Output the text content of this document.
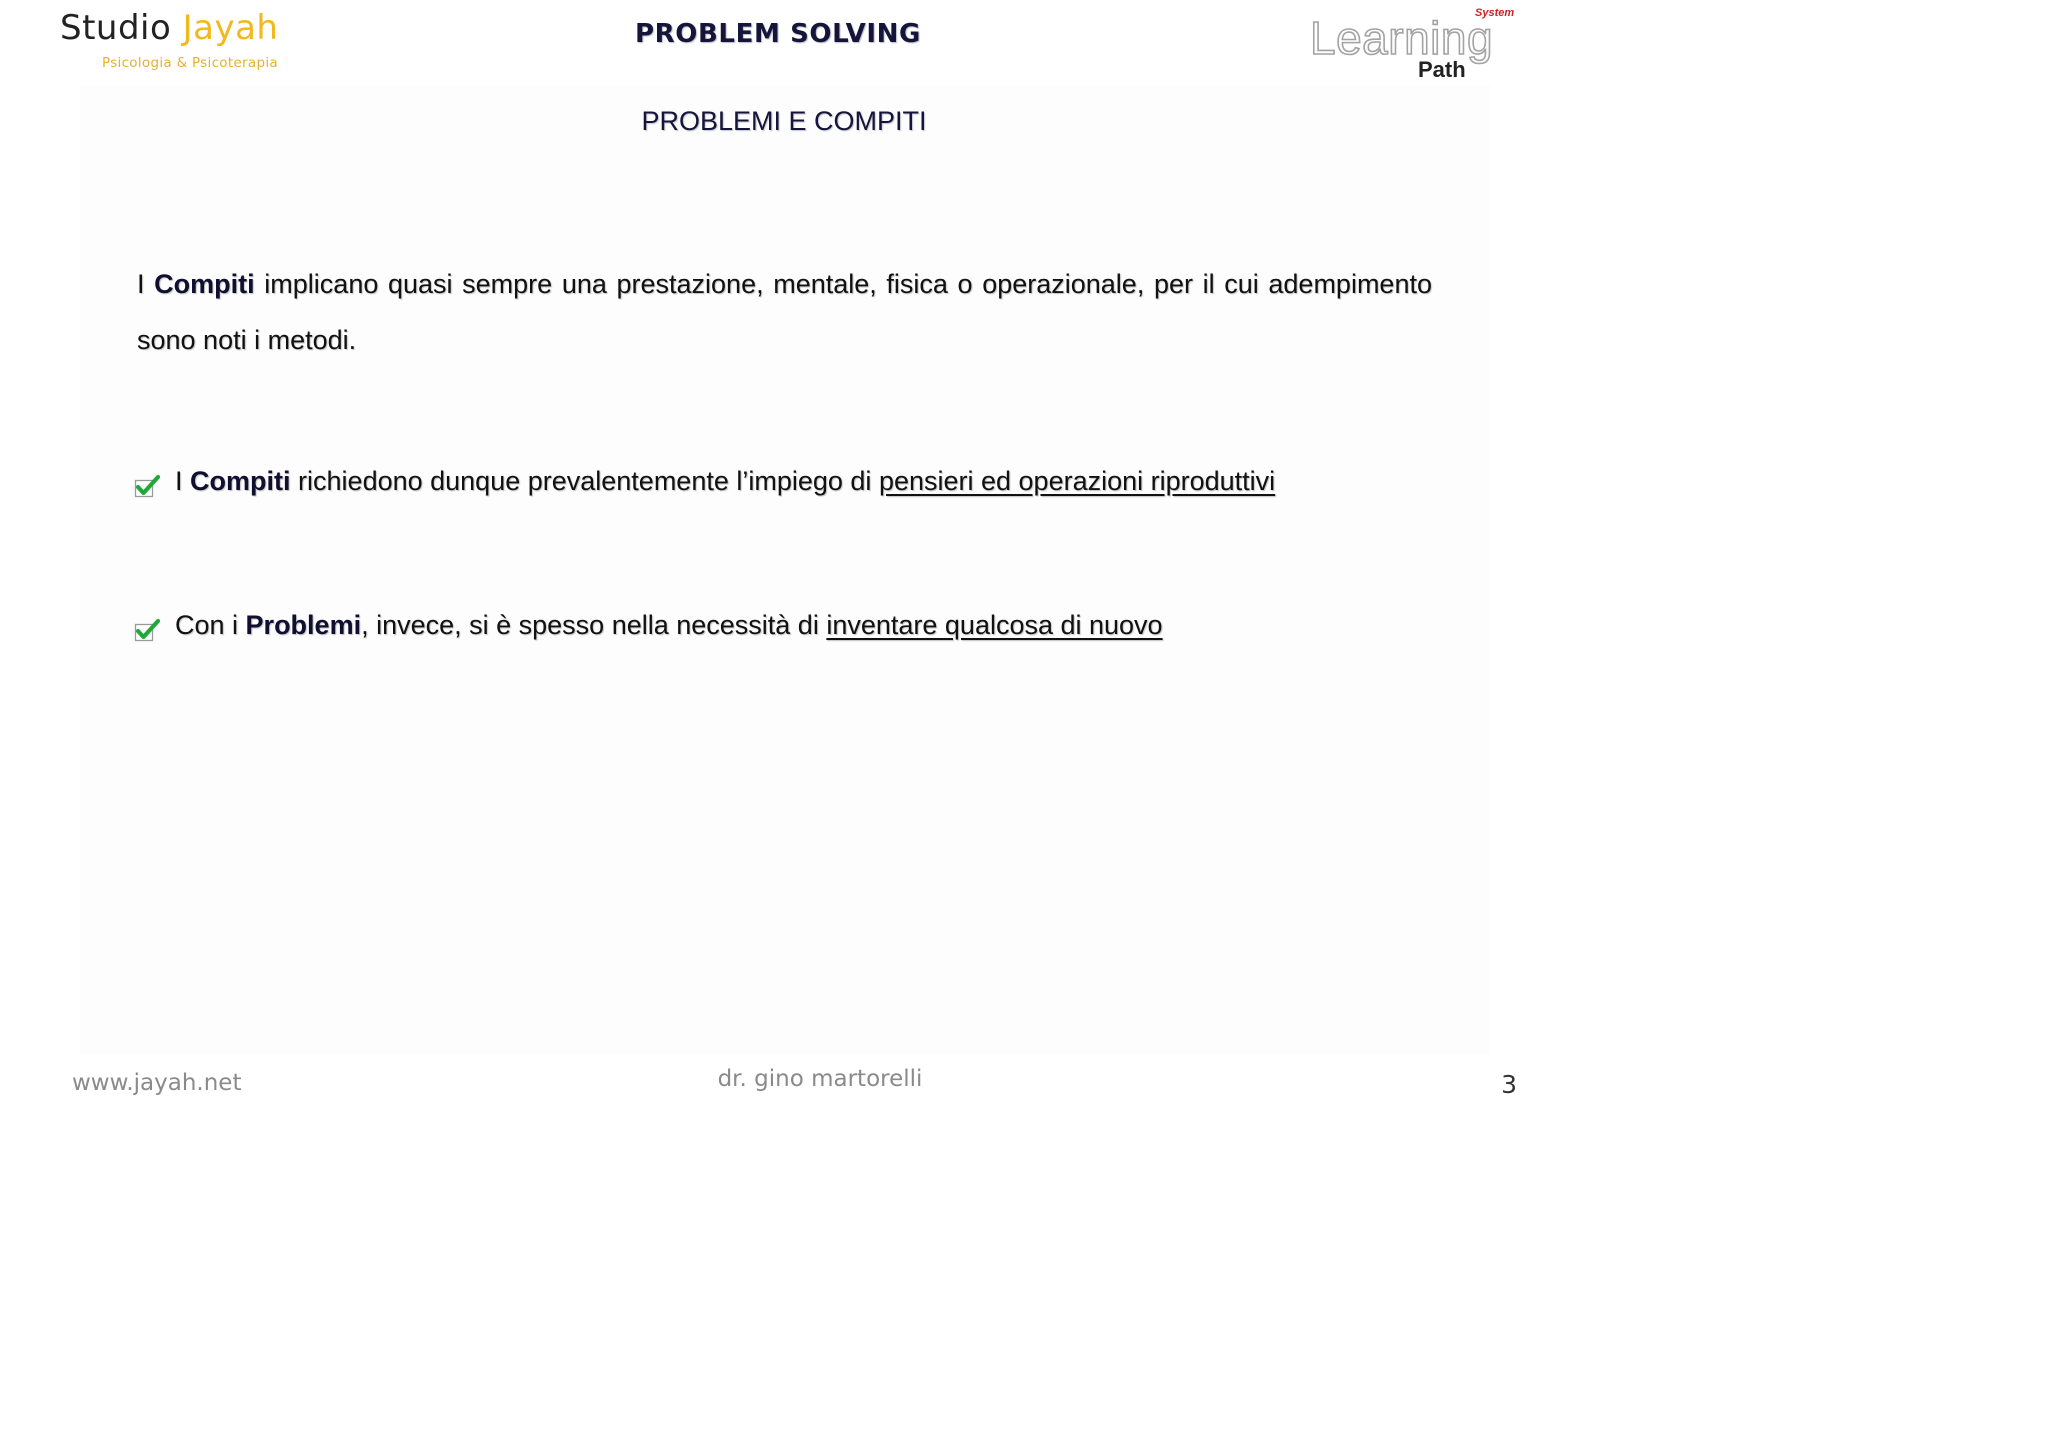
Studio Jayah
Psicologia & Psicoterapia
PROBLEM SOLVING	Learning
System
Path
PROBLEMI E COMPITI
I Compiti implicano quasi sempre una prestazione, mentale, fisica o operazionale, per il cui adempimento sono noti i metodi.
I Compiti richiedono dunque prevalentemente l’impiego di pensieri ed operazioni riproduttivi
Con i Problemi, invece, si è spesso nella necessità di inventare qualcosa di nuovo
www.jayah.net	dr. gino martorelli	3
